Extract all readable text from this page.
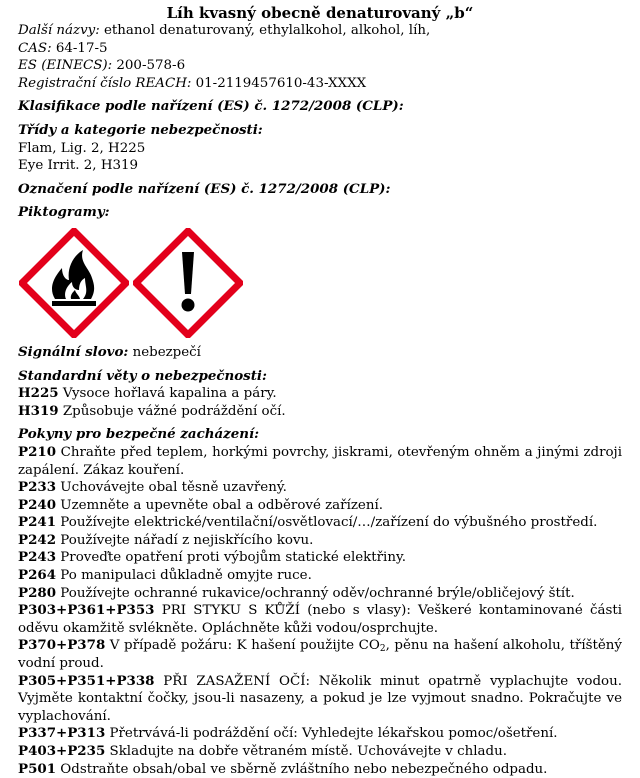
Líh kvasný obecně denaturovaný „b“
Další názvy: ethanol denaturovaný, ethylalkohol, alkohol, líh,
CAS: 64-17-5
ES (EINECS): 200-578-6
Registrační číslo REACH: 01-2119457610-43-XXXX
Klasifikace podle nařízení (ES) č. 1272/2008 (CLP):
Třídy a kategorie nebezpečnosti:
Flam, Lig. 2, H225
Eye Irrit. 2, H319
Označení podle nařízení (ES) č. 1272/2008 (CLP):
Piktogramy:
Signální slovo: nebezpečí
Standardní věty o nebezpečnosti:
H225 Vysoce hořlavá kapalina a páry.
H319 Způsobuje vážné podráždění očí.
Pokyny pro bezpečné zacházení:
P210 Chraňte před teplem, horkými povrchy, jiskrami, otevřeným ohněm a jinými zdroji zapálení. Zákaz kouření.
P233 Uchovávejte obal těsně uzavřený.
P240 Uzemněte a upevněte obal a odběrové zařízení.
P241 Používejte elektrické/ventilační/osvětlovací/…/zařízení do výbušného prostředí.
P242 Používejte nářadí z nejiskřícího kovu.
P243 Proveďte opatření proti výbojům statické elektřiny.
P264 Po manipulaci důkladně omyjte ruce.
P280 Používejte ochranné rukavice/ochranný oděv/ochranné brýle/obličejový štít.
P303+P361+P353 PRI STYKU S KŮŽÍ (nebo s vlasy): Veškeré kontaminované části oděvu okamžitě svlékněte. Opláchněte kůži vodou/osprchujte.
P370+P378 V případě požáru: K hašení použijte $CO_2$, pěnu na hašení alkoholu, tříštěný vodní proud.
P305+P351+P338 PŘI ZASAŽENÍ OČÍ: Několik minut opatrně vyplachujte vodou. Vyjměte kontaktní čočky, jsou-li nasazeny, a pokud je lze vyjmout snadno. Pokračujte ve vyplachování.
P337+P313 Přetrvává-li podráždění očí: Vyhledejte lékařskou pomoc/ošetření.
P403+P235 Skladujte na dobře větraném místě. Uchovávejte v chladu.
P501 Odstraňte obsah/obal ve sběrně zvláštního nebo nebezpečného odpadu.
